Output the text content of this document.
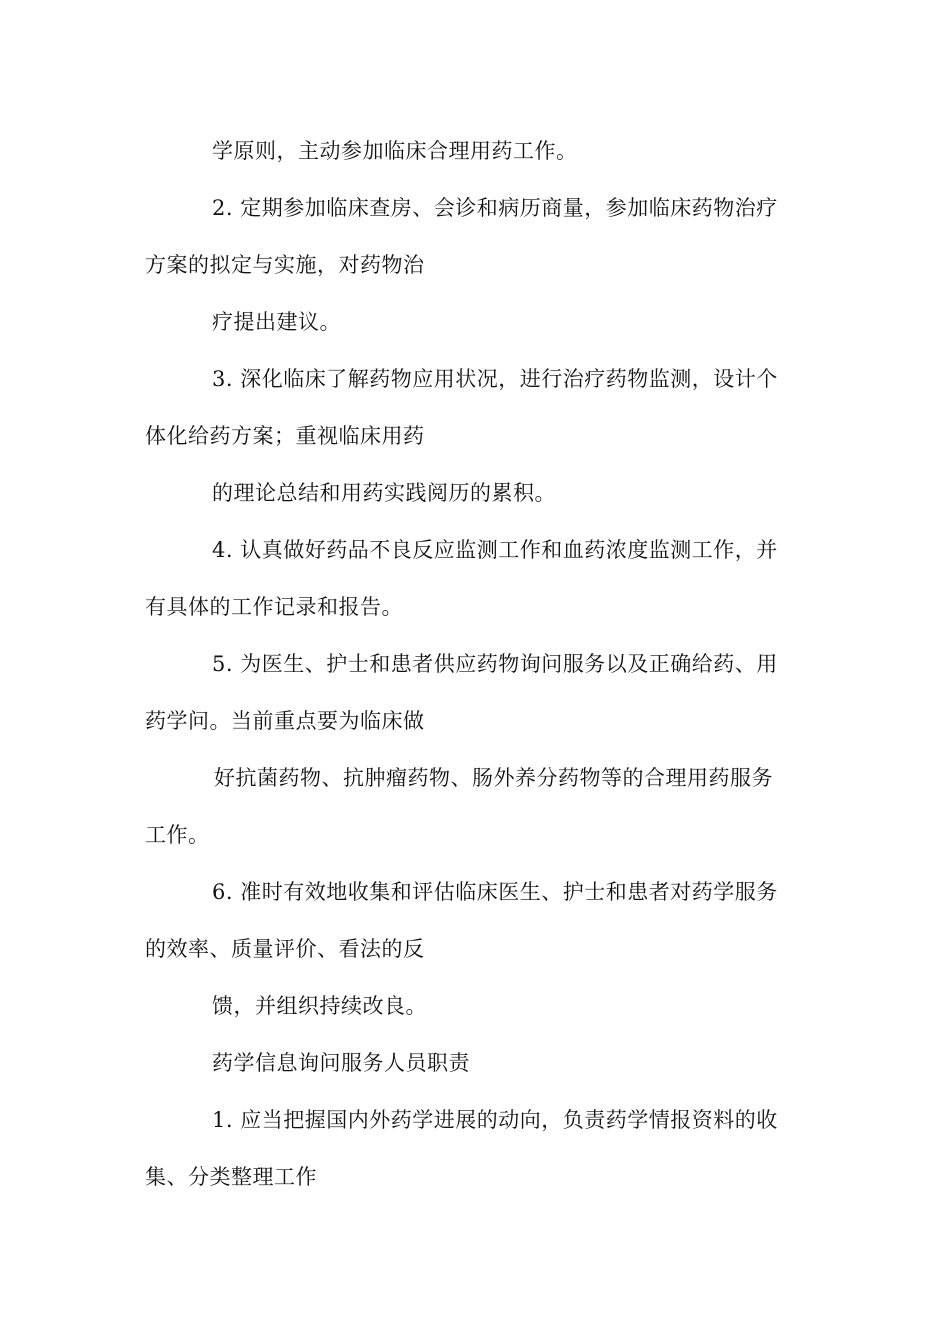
学原则，主动参加临床合理用药工作。
2. 定期参加临床查房、会诊和病历商量，参加临床药物治疗
方案的拟定与实施，对药物治
疗提出建议。
3. 深化临床了解药物应用状况，进行治疗药物监测，设计个
体化给药方案；重视临床用药
的理论总结和用药实践阅历的累积。
4. 认真做好药品不良反应监测工作和血药浓度监测工作，并
有具体的工作记录和报告。
5. 为医生、护士和患者供应药物询问服务以及正确给药、用
药学问。当前重点要为临床做
好抗菌药物、抗肿瘤药物、肠外养分药物等的合理用药服务
工作。
6. 准时有效地收集和评估临床医生、护士和患者对药学服务
的效率、质量评价、看法的反
馈，并组织持续改良。
药学信息询问服务人员职责
1. 应当把握国内外药学进展的动向，负责药学情报资料的收
集、分类整理工作
